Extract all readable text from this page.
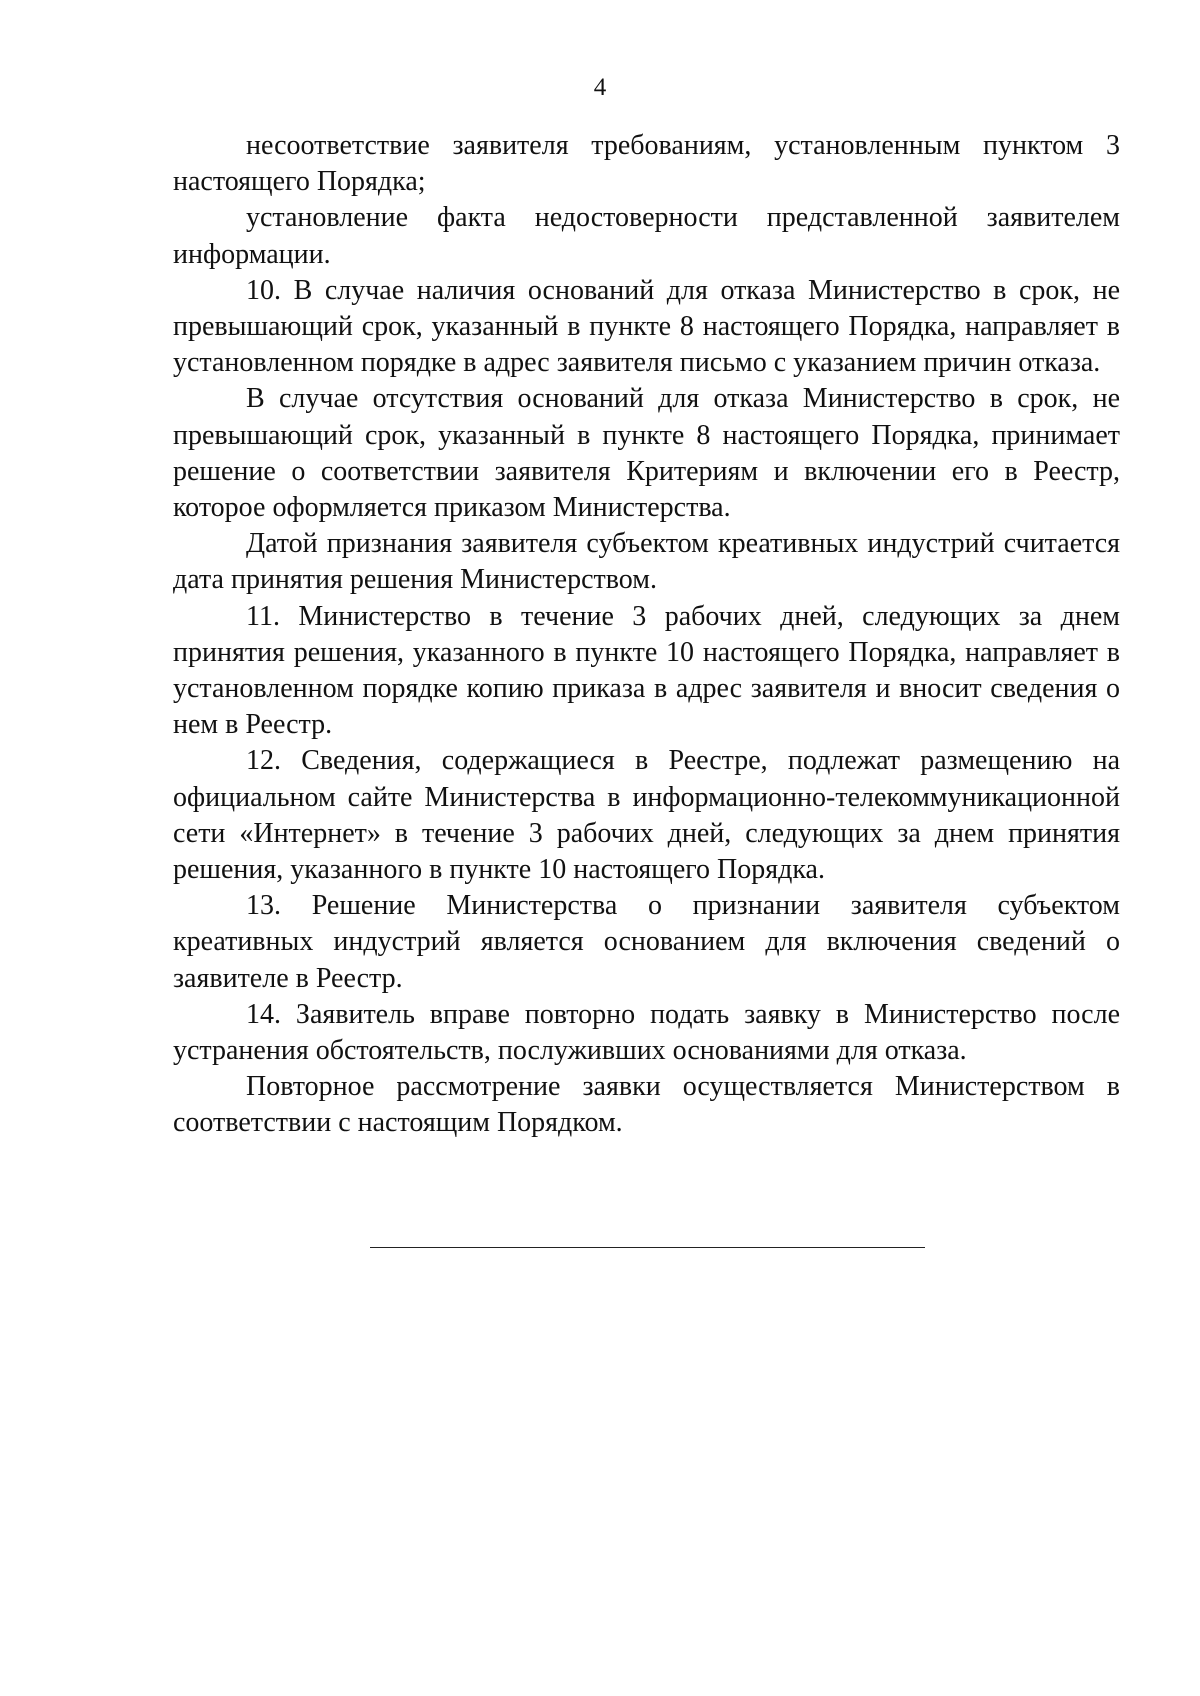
4

несоответствие заявителя требованиям, установленным пунктом 3 настоящего Порядка;

установление факта недостоверности представленной заявителем информации.

10. В случае наличия оснований для отказа Министерство в срок, не превышающий срок, указанный в пункте 8 настоящего Порядка, направляет в установленном порядке в адрес заявителя письмо с указанием причин отказа.

В случае отсутствия оснований для отказа Министерство в срок, не превышающий срок, указанный в пункте 8 настоящего Порядка, принимает решение о соответствии заявителя Критериям и включении его в Реестр, которое оформляется приказом Министерства.

Датой признания заявителя субъектом креативных индустрий считается дата принятия решения Министерством.

11. Министерство в течение 3 рабочих дней, следующих за днем принятия решения, указанного в пункте 10 настоящего Порядка, направляет в установленном порядке копию приказа в адрес заявителя и вносит сведения о нем в Реестр.

12. Сведения, содержащиеся в Реестре, подлежат размещению на официальном сайте Министерства в информационно-телекоммуникационной сети «Интернет» в течение 3 рабочих дней, следующих за днем принятия решения, указанного в пункте 10 настоящего Порядка.

13. Решение Министерства о признании заявителя субъектом креативных индустрий является основанием для включения сведений о заявителе в Реестр.

14. Заявитель вправе повторно подать заявку в Министерство после устранения обстоятельств, послуживших основаниями для отказа.

Повторное рассмотрение заявки осуществляется Министерством в соответствии с настоящим Порядком.
